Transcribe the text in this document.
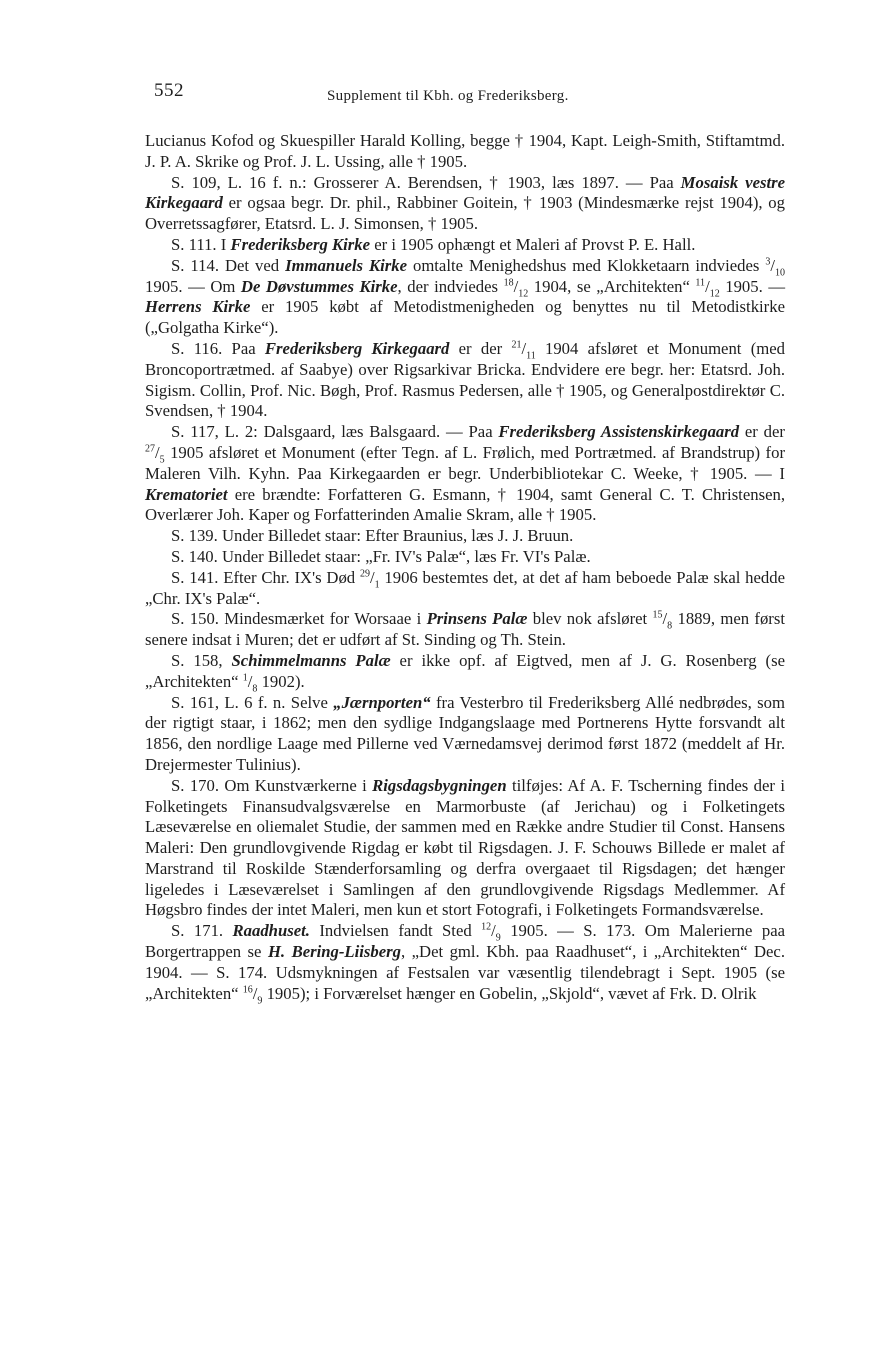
552	Supplement til Kbh. og Frederiksberg.

Lucianus Kofod og Skuespiller Harald Kolling, begge † 1904, Kapt. Leigh-Smith, Stiftamtmd. J. P. A. Skrike og Prof. J. L. Ussing, alle † 1905.

S. 109, L. 16 f. n.: Grosserer A. Berendsen, † 1903, læs 1897. — Paa Mosaisk vestre Kirkegaard er ogsaa begr. Dr. phil., Rabbiner Goitein, † 1903 (Mindesmærke rejst 1904), og Overretssagfører, Etatsrd. L. J. Simonsen, † 1905.

S. 111. I Frederiksberg Kirke er i 1905 ophængt et Maleri af Provst P. E. Hall.

S. 114. Det ved Immanuels Kirke omtalte Menighedshus med Klokketaarn indviedes $^3/_{10}$ 1905. — Om De Døvstummes Kirke, der indviedes $^{18}/_{12}$ 1904, se „Architekten“ $^{11}/_{12}$ 1905. — Herrens Kirke er 1905 købt af Metodistmenigheden og benyttes nu til Metodistkirke („Golgatha Kirke“).

S. 116. Paa Frederiksberg Kirkegaard er der $^{21}/_{11}$ 1904 afsløret et Monument (med Broncoportrætmed. af Saabye) over Rigsarkivar Bricka. Endvidere ere begr. her: Etatsrd. Joh. Sigism. Collin, Prof. Nic. Bøgh, Prof. Rasmus Pedersen, alle † 1905, og Generalpostdirektør C. Svendsen, † 1904.

S. 117, L. 2: Dalsgaard, læs Balsgaard. — Paa Frederiksberg Assistenskirkegaard er der $^{27}/_5$ 1905 afsløret et Monument (efter Tegn. af L. Frølich, med Portrætmed. af Brandstrup) for Maleren Vilh. Kyhn. Paa Kirkegaarden er begr. Underbibliotekar C. Weeke, † 1905. — I Krematoriet ere brændte: Forfatteren G. Esmann, † 1904, samt General C. T. Christensen, Overlærer Joh. Kaper og Forfatterinden Amalie Skram, alle † 1905.

S. 139. Under Billedet staar: Efter Braunius, læs J. J. Bruun.

S. 140. Under Billedet staar: „Fr. IV's Palæ“, læs Fr. VI's Palæ.

S. 141. Efter Chr. IX's Død $^{29}/_1$ 1906 bestemtes det, at det af ham beboede Palæ skal hedde „Chr. IX's Palæ“.

S. 150. Mindesmærket for Worsaae i Prinsens Palæ blev nok afsløret $^{15}/_8$ 1889, men først senere indsat i Muren; det er udført af St. Sinding og Th. Stein.

S. 158, Schimmelmanns Palæ er ikke opf. af Eigtved, men af J. G. Rosenberg (se „Architekten“ $^1/_8$ 1902).

S. 161, L. 6 f. n. Selve „Jærnporten“ fra Vesterbro til Frederiksberg Allé nedbrødes, som der rigtigt staar, i 1862; men den sydlige Indgangslaage med Portnerens Hytte forsvandt alt 1856, den nordlige Laage med Pillerne ved Værnedamsvej derimod først 1872 (meddelt af Hr. Drejermester Tulinius).

S. 170. Om Kunstværkerne i Rigsdagsbygningen tilføjes: Af A. F. Tscherning findes der i Folketingets Finansudvalgsværelse en Marmorbuste (af Jerichau) og i Folketingets Læseværelse en oliemalet Studie, der sammen med en Række andre Studier til Const. Hansens Maleri: Den grundlovgivende Rigdag er købt til Rigsdagen. J. F. Schouws Billede er malet af Marstrand til Roskilde Stænderforsamling og derfra overgaaet til Rigsdagen; det hænger ligeledes i Læseværelset i Samlingen af den grundlovgivende Rigsdags Medlemmer. Af Høgsbro findes der intet Maleri, men kun et stort Fotografi, i Folketingets Formandsværelse.

S. 171. Raadhuset. Indvielsen fandt Sted $^{12}/_9$ 1905. — S. 173. Om Malerierne paa Borgertrappen se H. Bering-Liisberg, „Det gml. Kbh. paa Raadhuset“, i „Architekten“ Dec. 1904. — S. 174. Udsmykningen af Festsalen var væsentlig tilendebragt i Sept. 1905 (se „Architekten“ $^{16}/_9$ 1905); i Forværelset hænger en Gobelin, „Skjold“, vævet af Frk. D. Olrik
